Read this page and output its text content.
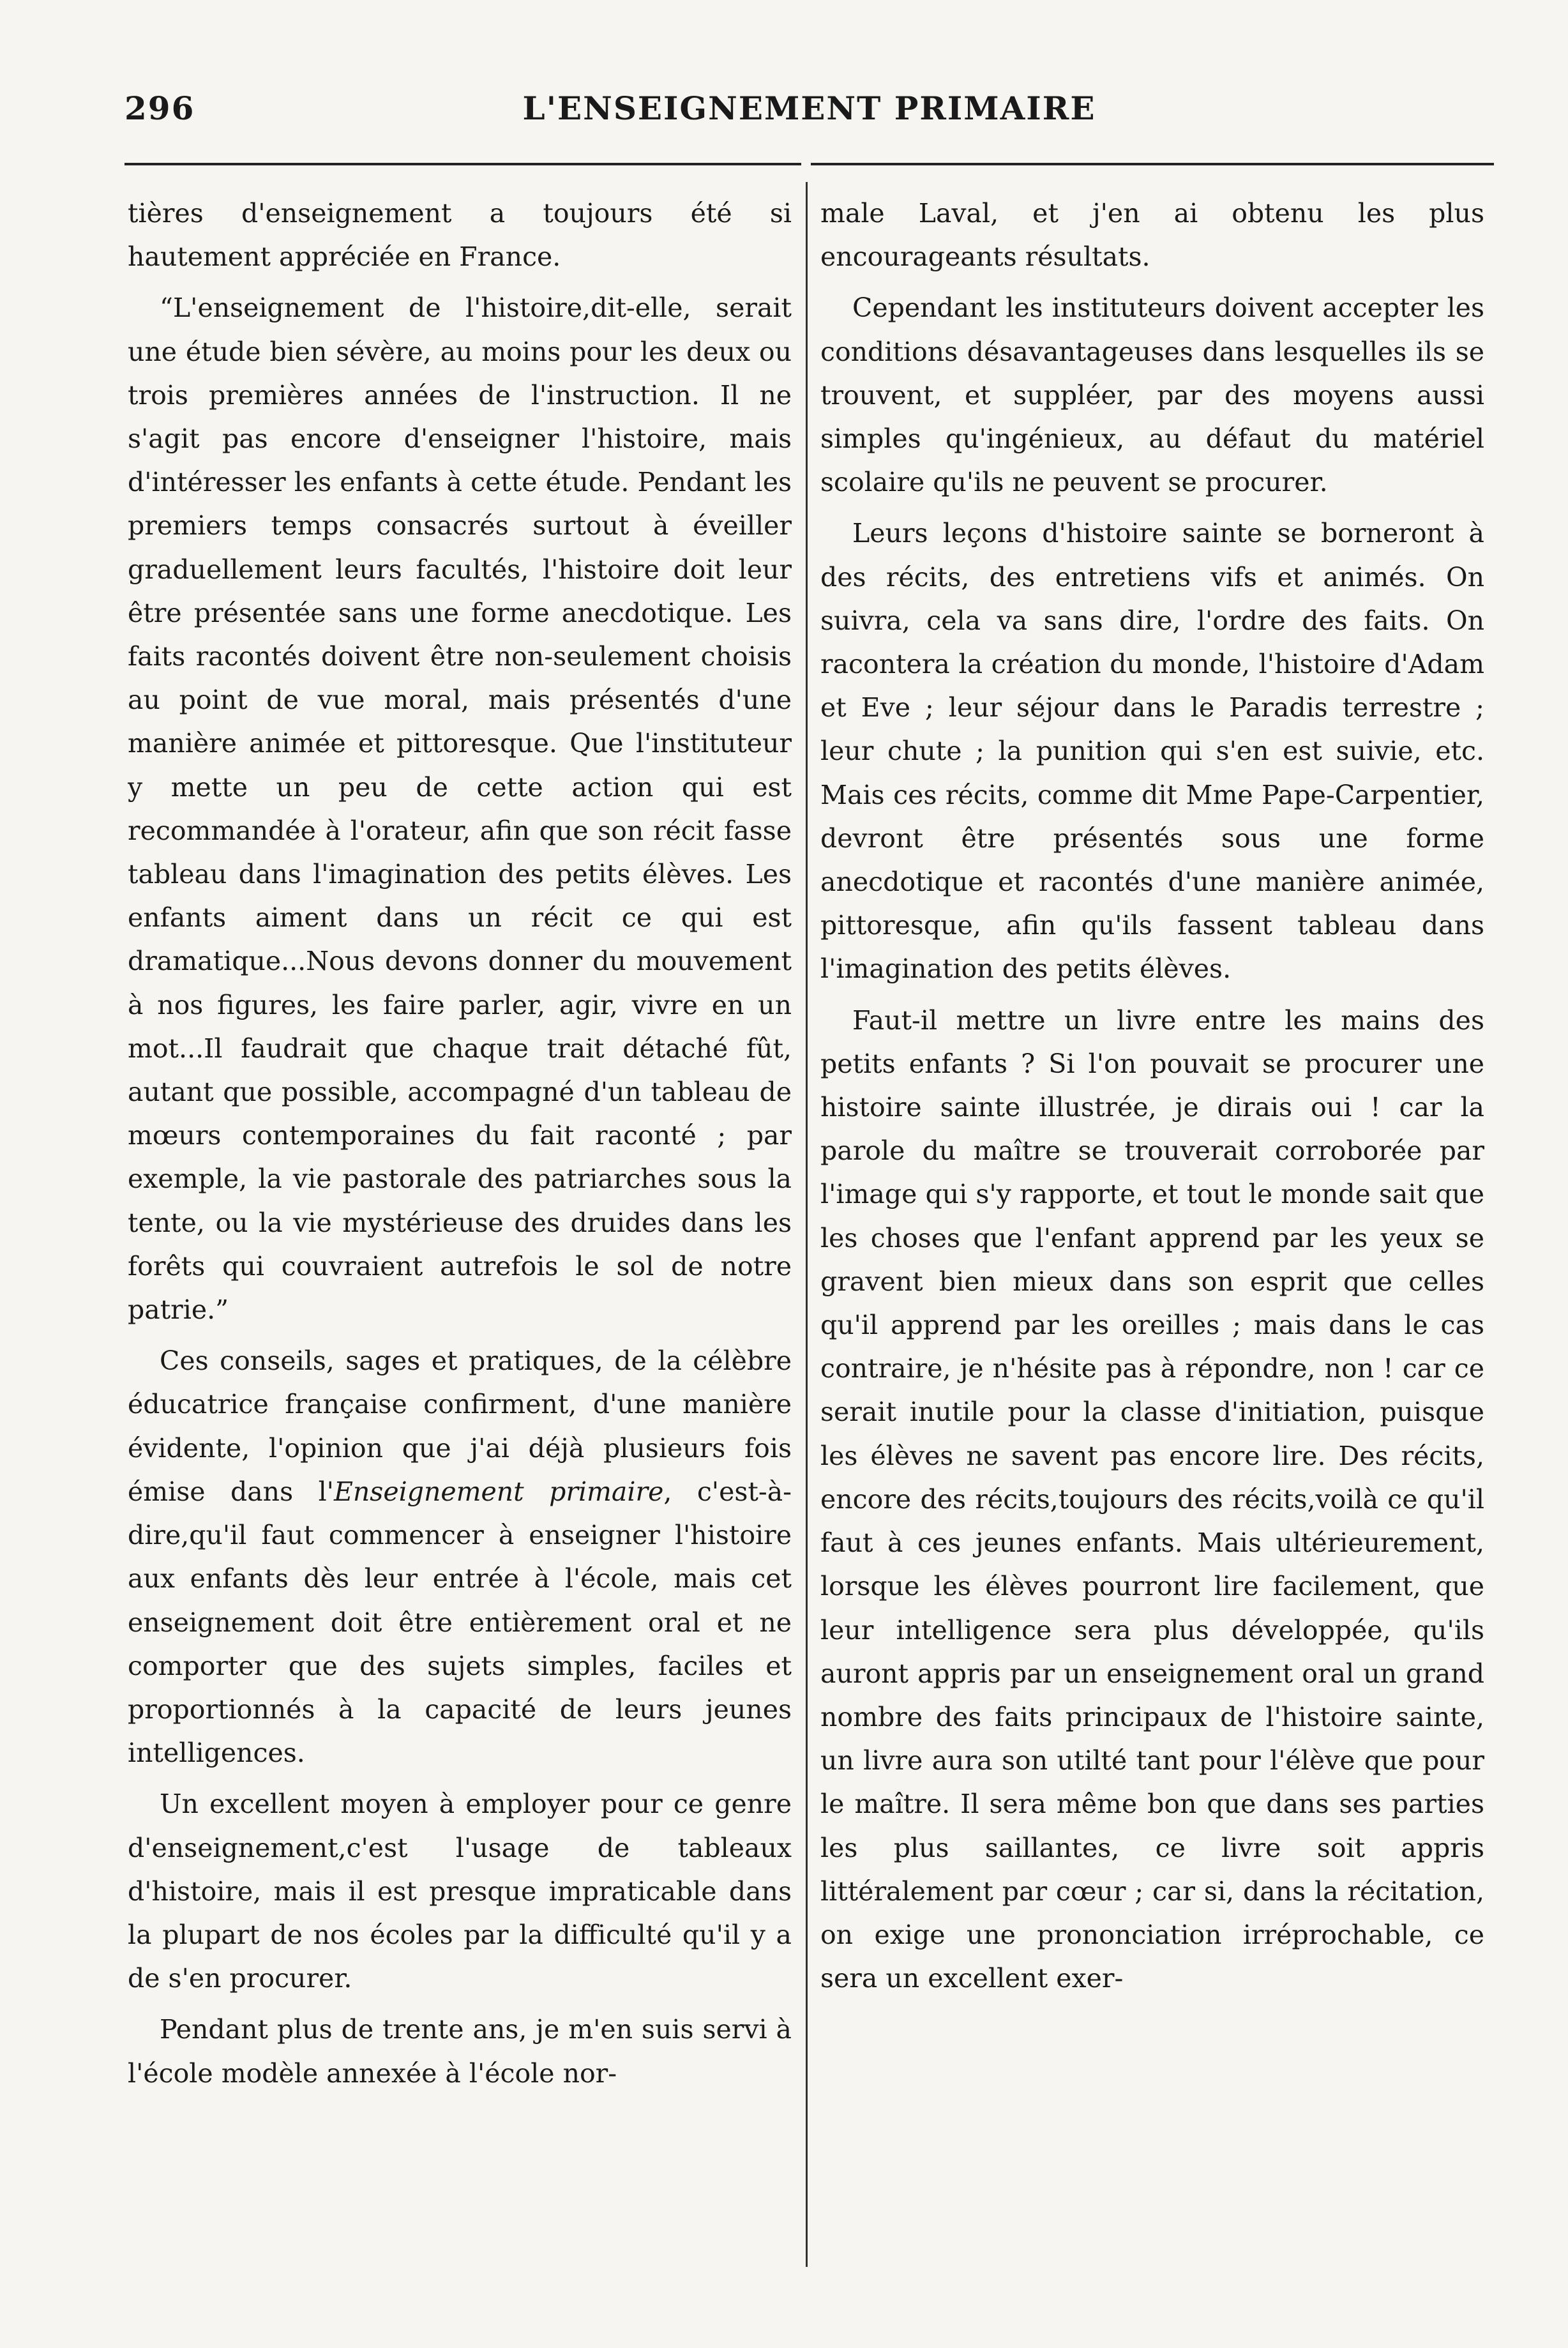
296	L'ENSEIGNEMENT PRIMAIRE

tières d'enseignement a toujours été si hautement appréciée en France.

“L'enseignement de l'histoire,dit-elle, serait une étude bien sévère, au moins pour les deux ou trois premières années de l'instruction. Il ne s'agit pas encore d'enseigner l'histoire, mais d'intéresser les enfants à cette étude. Pendant les premiers temps consacrés surtout à éveiller graduellement leurs facultés, l'histoire doit leur être présentée sans une forme anecdotique. Les faits racontés doivent être non-seulement choisis au point de vue moral, mais présentés d'une manière animée et pittoresque. Que l'instituteur y mette un peu de cette action qui est recommandée à l'orateur, afin que son récit fasse tableau dans l'imagination des petits élèves. Les enfants aiment dans un récit ce qui est dramatique...Nous devons donner du mouvement à nos figures, les faire parler, agir, vivre en un mot...Il faudrait que chaque trait détaché fût, autant que possible, accompagné d'un tableau de mœurs contemporaines du fait raconté ; par exemple, la vie pastorale des patriarches sous la tente, ou la vie mystérieuse des druides dans les forêts qui couvraient autrefois le sol de notre patrie.”

Ces conseils, sages et pratiques, de la célèbre éducatrice française confirment, d'une manière évidente, l'opinion que j'ai déjà plusieurs fois émise dans l'Enseignement primaire, c'est-à-dire,qu'il faut commencer à enseigner l'histoire aux enfants dès leur entrée à l'école, mais cet enseignement doit être entièrement oral et ne comporter que des sujets simples, faciles et proportionnés à la capacité de leurs jeunes intelligences.

Un excellent moyen à employer pour ce genre d'enseignement,c'est l'usage de tableaux d'histoire, mais il est presque impraticable dans la plupart de nos écoles par la difficulté qu'il y a de s'en procurer.

Pendant plus de trente ans, je m'en suis servi à l'école modèle annexée à l'école nor-

male Laval, et j'en ai obtenu les plus encourageants résultats.

Cependant les instituteurs doivent accepter les conditions désavantageuses dans lesquelles ils se trouvent, et suppléer, par des moyens aussi simples qu'ingénieux, au défaut du matériel scolaire qu'ils ne peuvent se procurer.

Leurs leçons d'histoire sainte se borneront à des récits, des entretiens vifs et animés. On suivra, cela va sans dire, l'ordre des faits. On racontera la création du monde, l'histoire d'Adam et Eve ; leur séjour dans le Paradis terrestre ; leur chute ; la punition qui s'en est suivie, etc. Mais ces récits, comme dit Mme Pape-Carpentier, devront être présentés sous une forme anecdotique et racontés d'une manière animée, pittoresque, afin qu'ils fassent tableau dans l'imagination des petits élèves.

Faut-il mettre un livre entre les mains des petits enfants ? Si l'on pouvait se procurer une histoire sainte illustrée, je dirais oui ! car la parole du maître se trouverait corroborée par l'image qui s'y rapporte, et tout le monde sait que les choses que l'enfant apprend par les yeux se gravent bien mieux dans son esprit que celles qu'il apprend par les oreilles ; mais dans le cas contraire, je n'hésite pas à répondre, non ! car ce serait inutile pour la classe d'initiation, puisque les élèves ne savent pas encore lire. Des récits, encore des récits,toujours des récits,voilà ce qu'il faut à ces jeunes enfants. Mais ultérieurement, lorsque les élèves pourront lire facilement, que leur intelligence sera plus développée, qu'ils auront appris par un enseignement oral un grand nombre des faits principaux de l'histoire sainte, un livre aura son utilté tant pour l'élève que pour le maître. Il sera même bon que dans ses parties les plus saillantes, ce livre soit appris littéralement par cœur ; car si, dans la récitation, on exige une prononciation irréprochable, ce sera un excellent exer-
